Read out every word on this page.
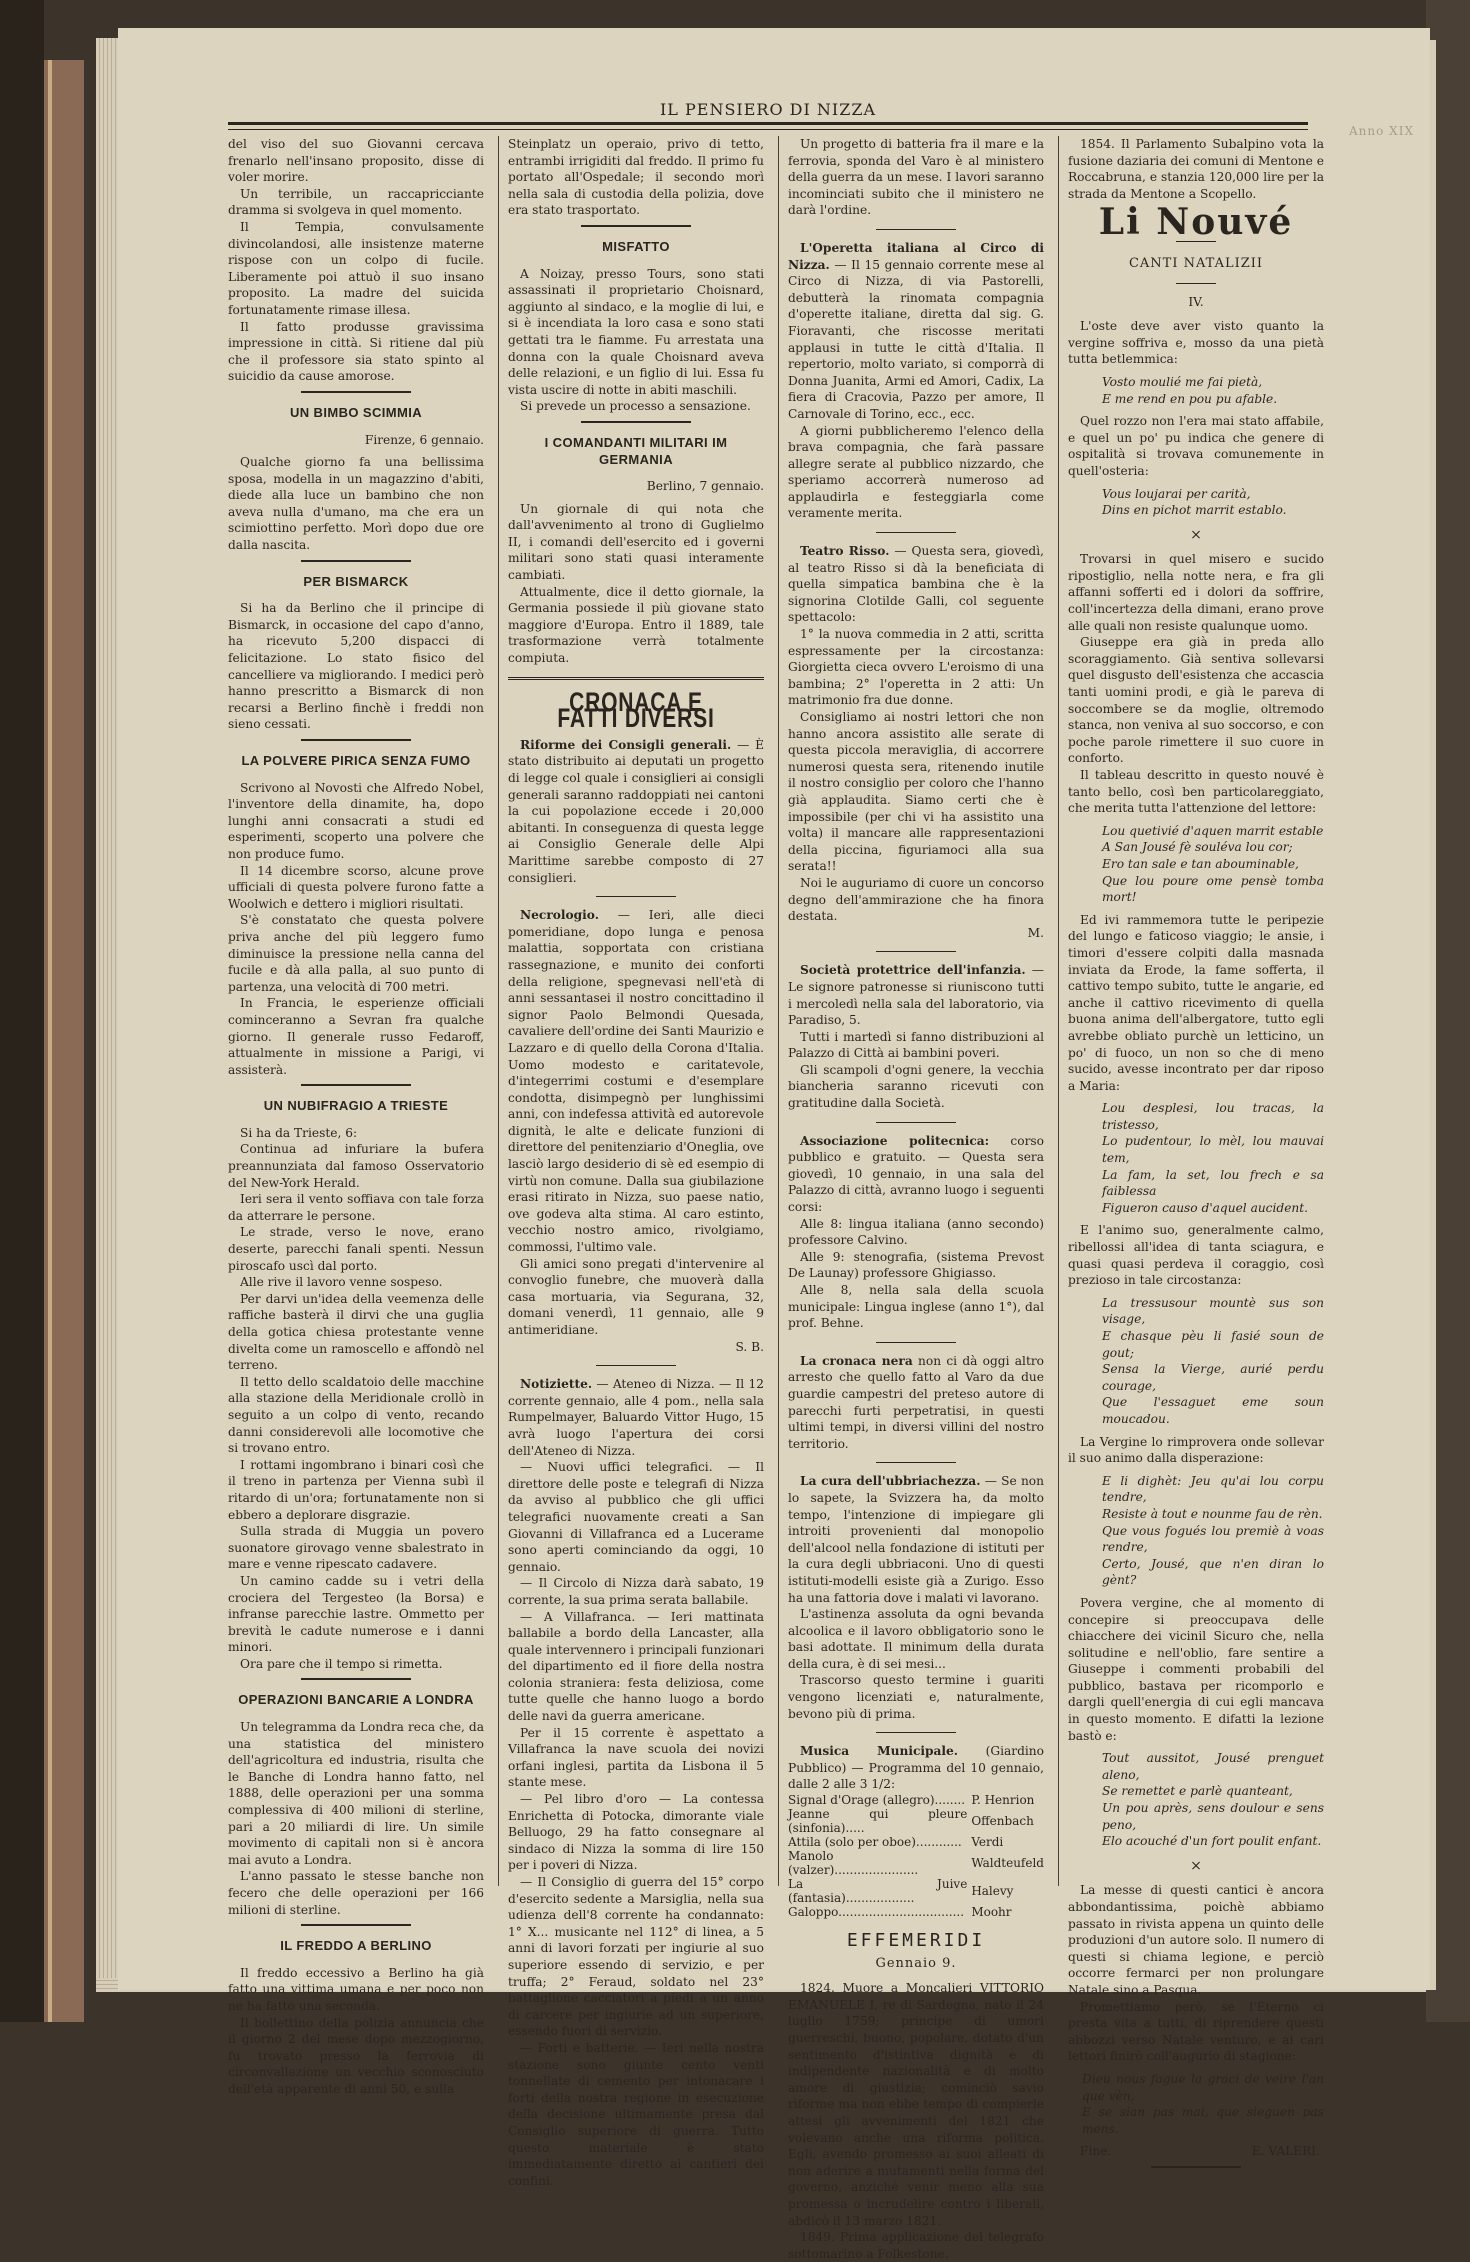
Anno XIX
IL PENSIERO DI NIZZA

del viso del suo Giovanni cercava frenarlo nell'insano proposito, disse di voler morire.

Un terribile, un raccapricciante dramma si svolgeva in quel momento.

Il Tempia, convulsamente divincolandosi, alle insistenze materne rispose con un colpo di fucile. Liberamente poi attuò il suo insano proposito. La madre del suicida fortunatamente rimase illesa.

Il fatto produsse gravissima impressione in città. Si ritiene dal più che il professore sia stato spinto al suicidio da cause amorose.

UN BIMBO SCIMMIA
Firenze, 6 gennaio.

Qualche giorno fa una bellissima sposa, modella in un magazzino d'abiti, diede alla luce un bambino che non aveva nulla d'umano, ma che era un scimiottino perfetto. Morì dopo due ore dalla nascita.

PER BISMARCK

Si ha da Berlino che il principe di Bismarck, in occasione del capo d'anno, ha ricevuto 5,200 dispacci di felicitazione. Lo stato fisico del cancelliere va migliorando. I medici però hanno prescritto a Bismarck di non recarsi a Berlino finchè i freddi non sieno cessati.

LA POLVERE PIRICA SENZA FUMO

Scrivono al Novosti che Alfredo Nobel, l'inventore della dinamite, ha, dopo lunghi anni consacrati a studi ed esperimenti, scoperto una polvere che non produce fumo.

Il 14 dicembre scorso, alcune prove ufficiali di questa polvere furono fatte a Woolwich e dettero i migliori risultati.

S'è constatato che questa polvere priva anche del più leggero fumo diminuisce la pressione nella canna del fucile e dà alla palla, al suo punto di partenza, una velocità di 700 metri.

In Francia, le esperienze officiali cominceranno a Sevran fra qualche giorno. Il generale russo Fedaroff, attualmente in missione a Parigi, vi assisterà.

UN NUBIFRAGIO A TRIESTE

Si ha da Trieste, 6:

Continua ad infuriare la bufera preannunziata dal famoso Osservatorio del New-York Herald.

Ieri sera il vento soffiava con tale forza da atterrare le persone.

Le strade, verso le nove, erano deserte, parecchi fanali spenti. Nessun piroscafo uscì dal porto.

Alle rive il lavoro venne sospeso.

Per darvi un'idea della veemenza delle raffiche basterà il dirvi che una guglia della gotica chiesa protestante venne divelta come un ramoscello e affondò nel terreno.

Il tetto dello scaldatoio delle macchine alla stazione della Meridionale crollò in seguito a un colpo di vento, recando danni considerevoli alle locomotive che si trovano entro.

I rottami ingombrano i binari così che il treno in partenza per Vienna subì il ritardo di un'ora; fortunatamente non si ebbero a deplorare disgrazie.

Sulla strada di Muggia un povero suonatore girovago venne sbalestrato in mare e venne ripescato cadavere.

Un camino cadde su i vetri della crociera del Tergesteo (la Borsa) e infranse parecchie lastre. Ommetto per brevità le cadute numerose e i danni minori.

Ora pare che il tempo si rimetta.

OPERAZIONI BANCARIE A LONDRA

Un telegramma da Londra reca che, da una statistica del ministero dell'agricoltura ed industria, risulta che le Banche di Londra hanno fatto, nel 1888, delle operazioni per una somma complessiva di 400 milioni di sterline, pari a 20 miliardi di lire. Un simile movimento di capitali non si è ancora mai avuto a Londra.

L'anno passato le stesse banche non fecero che delle operazioni per 166 milioni di sterline.

IL FREDDO A BERLINO

Il freddo eccessivo a Berlino ha già fatto una vittima umana e per poco non ne ha fatto una seconda.

Il bollettino della polizia annuncia che il giorno 2 del mese dopo mezzogiorno, fu trovato presso la ferrovia di circonvallazione un vecchio sconosciuto dell'età apparente di anni 50, e sulla

Steinplatz un operaio, privo di tetto, entrambi irrigiditi dal freddo. Il primo fu portato all'Ospedale; il secondo morì nella sala di custodia della polizia, dove era stato trasportato.

MISFATTO

A Noizay, presso Tours, sono stati assassinati il proprietario Choisnard, aggiunto al sindaco, e la moglie di lui, e si è incendiata la loro casa e sono stati gettati tra le fiamme. Fu arrestata una donna con la quale Choisnard aveva delle relazioni, e un figlio di lui. Essa fu vista uscire di notte in abiti maschili.

Si prevede un processo a sensazione.

I COMANDANTI MILITARI IM GERMANIA
Berlino, 7 gennaio.

Un giornale di qui nota che dall'avvenimento al trono di Guglielmo II, i comandi dell'esercito ed i governi militari sono stati quasi interamente cambiati.

Attualmente, dice il detto giornale, la Germania possiede il più giovane stato maggiore d'Europa. Entro il 1889, tale trasformazione verrà totalmente compiuta.

CRONACA E FATTI DIVERSI

Riforme dei Consigli generali. — È stato distribuito ai deputati un progetto di legge col quale i consiglieri ai consigli generali saranno raddoppiati nei cantoni la cui popolazione eccede i 20,000 abitanti. In conseguenza di questa legge ai Consiglio Generale delle Alpi Marittime sarebbe composto di 27 consiglieri.

Necrologio. — Ieri, alle dieci pomeridiane, dopo lunga e penosa malattia, sopportata con cristiana rassegnazione, e munito dei conforti della religione, spegnevasi nell'età di anni sessantasei il nostro concittadino il signor Paolo Belmondi Quesada, cavaliere dell'ordine dei Santi Maurizio e Lazzaro e di quello della Corona d'Italia. Uomo modesto e caritatevole, d'integerrimi costumi e d'esemplare condotta, disimpegnò per lunghissimi anni, con indefessa attività ed autorevole dignità, le alte e delicate funzioni di direttore del penitenziario d'Oneglia, ove lasciò largo desiderio di sè ed esempio di virtù non comune. Dalla sua giubilazione erasi ritirato in Nizza, suo paese natio, ove godeva alta stima. Al caro estinto, vecchio nostro amico, rivolgiamo, commossi, l'ultimo vale.

Gli amici sono pregati d'intervenire al convoglio funebre, che muoverà dalla casa mortuaria, via Segurana, 32, domani venerdì, 11 gennaio, alle 9 antimeridiane.

S. B.

Notiziette. — Ateneo di Nizza. — Il 12 corrente gennaio, alle 4 pom., nella sala Rumpelmayer, Baluardo Vittor Hugo, 15 avrà luogo l'apertura dei corsi dell'Ateneo di Nizza.

— Nuovi uffici telegrafici. — Il direttore delle poste e telegrafi di Nizza da avviso al pubblico che gli uffici telegrafici nuovamente creati a San Giovanni di Villafranca ed a Lucerame sono aperti cominciando da oggi, 10 gennaio.

— Il Circolo di Nizza darà sabato, 19 corrente, la sua prima serata ballabile.

— A Villafranca. — Ieri mattinata ballabile a bordo della Lancaster, alla quale intervennero i principali funzionari del dipartimento ed il fiore della nostra colonia straniera: festa deliziosa, come tutte quelle che hanno luogo a bordo delle navi da guerra americane.

Per il 15 corrente è aspettato a Villafranca la nave scuola dei novizi orfani inglesi, partita da Lisbona il 5 stante mese.

— Pel libro d'oro — La contessa Enrichetta di Potocka, dimorante viale Belluogo, 29 ha fatto consegnare al sindaco di Nizza la somma di lire 150 per i poveri di Nizza.

— Il Consiglio di guerra del 15° corpo d'esercito sedente a Marsiglia, nella sua udienza dell'8 corrente ha condannato: 1° X... musicante nel 112° di linea, a 5 anni di lavori forzati per ingiurie al suo superiore essendo di servizio, e per truffa; 2° Feraud, soldato nel 23° battaglione cacciatori a piedi a un anno di carcere per ingiurie ad un superiore, essendo fuori di servizio.

— Forti e batterie. — Ieri nella nostra stazione sono giunte cento venti tonnellate di cemento per intonacare i forti della nostra regione in esecuzione della decisione ultimamente presa dal Consiglio superiore di guerra. Tutto questo materiale è stato immediatamente diretto ai cantieri dei confini.

Un progetto di batteria fra il mare e la ferrovia, sponda del Varo è al ministero della guerra da un mese. I lavori saranno incominciati subito che il ministero ne darà l'ordine.

L'Operetta italiana al Circo di Nizza. — Il 15 gennaio corrente mese al Circo di Nizza, di via Pastorelli, debutterà la rinomata compagnia d'operette italiane, diretta dal sig. G. Fioravanti, che riscosse meritati applausi in tutte le città d'Italia. Il repertorio, molto variato, si comporrà di Donna Juanita, Armi ed Amori, Cadix, La fiera di Cracovia, Pazzo per amore, Il Carnovale di Torino, ecc., ecc.

A giorni pubblicheremo l'elenco della brava compagnia, che farà passare allegre serate al pubblico nizzardo, che speriamo accorrerà numeroso ad applaudirla e festeggiarla come veramente merita.

Teatro Risso. — Questa sera, giovedì, al teatro Risso si dà la beneficiata di quella simpatica bambina che è la signorina Clotilde Galli, col seguente spettacolo:

1° la nuova commedia in 2 atti, scritta espressamente per la circostanza: Giorgietta cieca ovvero L'eroismo di una bambina; 2° l'operetta in 2 atti: Un matrimonio fra due donne.

Consigliamo ai nostri lettori che non hanno ancora assistito alle serate di questa piccola meraviglia, di accorrere numerosi questa sera, ritenendo inutile il nostro consiglio per coloro che l'hanno già applaudita. Siamo certi che è impossibile (per chi vi ha assistito una volta) il mancare alle rappresentazioni della piccina, figuriamoci alla sua serata!!

Noi le auguriamo di cuore un concorso degno dell'ammirazione che ha finora destata.

M.

Società protettrice dell'infanzia. — Le signore patronesse si riuniscono tutti i mercoledì nella sala del laboratorio, via Paradiso, 5.

Tutti i martedì si fanno distribuzioni al Palazzo di Città ai bambini poveri.

Gli scampoli d'ogni genere, la vecchia biancheria saranno ricevuti con gratitudine dalla Società.

Associazione politecnica: corso pubblico e gratuito. — Questa sera giovedì, 10 gennaio, in una sala del Palazzo di città, avranno luogo i seguenti corsi:

Alle 8: lingua italiana (anno secondo) professore Calvino.

Alle 9: stenografia, (sistema Prevost De Launay) professore Ghigiasso.

Alle 8, nella sala della scuola municipale: Lingua inglese (anno 1°), dal prof. Behne.

La cronaca nera non ci dà oggi altro arresto che quello fatto al Varo da due guardie campestri del preteso autore di parecchi furti perpetratisi, in questi ultimi tempi, in diversi villini del nostro territorio.

La cura dell'ubbriachezza. — Se non lo sapete, la Svizzera ha, da molto tempo, l'intenzione di impiegare gli introiti provenienti dal monopolio dell'alcool nella fondazione di istituti per la cura degli ubbriaconi. Uno di questi istituti-modelli esiste già a Zurigo. Esso ha una fattoria dove i malati vi lavorano.

L'astinenza assoluta da ogni bevanda alcoolica e il lavoro obbligatorio sono le basi adottate. Il minimum della durata della cura, è di sei mesi...

Trascorso questo termine i guariti vengono licenziati e, naturalmente, bevono più di prima.

Musica Municipale. (Giardino Pubblico) — Programma del 10 gennaio, dalle 2 alle 3 1/2:

Signal d'Orage (allegro)........	P. Henrion
Jeanne qui pleure (sinfonia).....	Offenbach
Attila (solo per oboe)............	Verdi
Manolo (valzer)......................	Waldteufeld
La Juive (fantasia)..................	Halevy
Galoppo.................................	Moohr
EFFEMERIDI
Gennaio 9.

1824. Muore a Moncalieri VITTORIO EMANUELE I, re di Sardegna, nato il 24 luglio 1759; principe di umori guerreschi, buono, popolare, dotato d'un sentimento d'istintiva dignità e di indipendente nazionalità e di molto amore di giustizia; cominciò savio riforme ma non ebbe tempo di compierle attesi gli avvenimenti del 1821 che volevano anche una riforma politica. Egli, avendo promesso ai suoi alleati di non aderire a mutamenti nella forma del governo, anziché venir meno alla sua promessa o incrudelire contro i liberali, abdicò il 13 marzo 1821.

1849. Prima applicazione del telegrafo sottomarino a Folkestone.

1854. Il Parlamento Subalpino vota la fusione daziaria dei comuni di Mentone e Roccabruna, e stanzia 120,000 lire per la strada da Mentone a Scopello.

Li Nouvé
CANTI NATALIZII
IV.

L'oste deve aver visto quanto la vergine soffriva e, mosso da una pietà tutta betlemmica:

Vosto moulié me fai pietà,
E me rend en pou pu afable.

Quel rozzo non l'era mai stato affabile, e quel un po' pu indica che genere di ospitalità si trovava comunemente in quell'osteria:

Vous loujarai per carità,
Dins en pichot marrit establo.
×

Trovarsi in quel misero e sucido ripostiglio, nella notte nera, e fra gli affanni sofferti ed i dolori da soffrire, coll'incertezza della dimani, erano prove alle quali non resiste qualunque uomo.

Giuseppe era già in preda allo scoraggiamento. Già sentiva sollevarsi quel disgusto dell'esistenza che accascia tanti uomini prodi, e già le pareva di soccombere se da moglie, oltremodo stanca, non veniva al suo soccorso, e con poche parole rimettere il suo cuore in conforto.

Il tableau descritto in questo nouvé è tanto bello, così ben particolareggiato, che merita tutta l'attenzione del lettore:

Lou quetivié d'aquen marrit estable
A San Jousé fè souléva lou cor;
Ero tan sale e tan abouminable,
Que lou poure ome pensè tomba mort!

Ed ivi rammemora tutte le peripezie del lungo e faticoso viaggio; le ansie, i timori d'essere colpiti dalla masnada inviata da Erode, la fame sofferta, il cattivo tempo subito, tutte le angarie, ed anche il cattivo ricevimento di quella buona anima dell'albergatore, tutto egli avrebbe obliato purchè un letticino, un po' di fuoco, un non so che di meno sucido, avesse incontrato per dar riposo a Maria:

Lou desplesi, lou tracas, la tristesso,
Lo pudentour, lo mèl, lou mauvai tem,
La fam, la set, lou frech e sa faiblessa
Figueron causo d'aquel aucident.

E l'animo suo, generalmente calmo, ribellossi all'idea di tanta sciagura, e quasi quasi perdeva il coraggio, così prezioso in tale circostanza:

La tressusour mountè sus son visage,
E chasque pèu li fasié soun de gout;
Sensa la Vierge, aurié perdu courage,
Que l'essaguet eme soun moucadou.

La Vergine lo rimprovera onde sollevar il suo animo dalla disperazione:

E li dighèt: Jeu qu'ai lou corpu tendre,
Resiste à tout e nounme fau de rèn.
Que vous fogués lou premiè à voas rendre,
Certo, Jousé, que n'en diran lo gènt?

Povera vergine, che al momento di concepire si preoccupava delle chiacchere dei vicinil Sicuro che, nella solitudine e nell'oblio, fare sentire a Giuseppe i commenti probabili del pubblico, bastava per ricomporlo e dargli quell'energia di cui egli mancava in questo momento. E difatti la lezione bastò e:

Tout aussitot, Jousé prenguet aleno,
Se remettet e parlè quanteant,
Un pou après, sens doulour e sens peno,
Elo acouché d'un fort poulit enfant.
×

La messe di questi cantici è ancora abbondantissima, poichè abbiamo passato in rivista appena un quinto delle produzioni d'un autore solo. Il numero di questi si chiama legione, e perciò occorre fermarci per non prolungare Natale sino a Pasqua.

Promettiamo però, se l'Eterno ci presta vita a tutti, di riprendere questi abbozzi verso Natale venturo, e ai cari lettori finirò coll'augurio di stagione:

Dieu nous fague la graci de veire l'an que vèn,
E se sian pas mai, que sieguen pas mens.
Fine.	E. VALERI.
